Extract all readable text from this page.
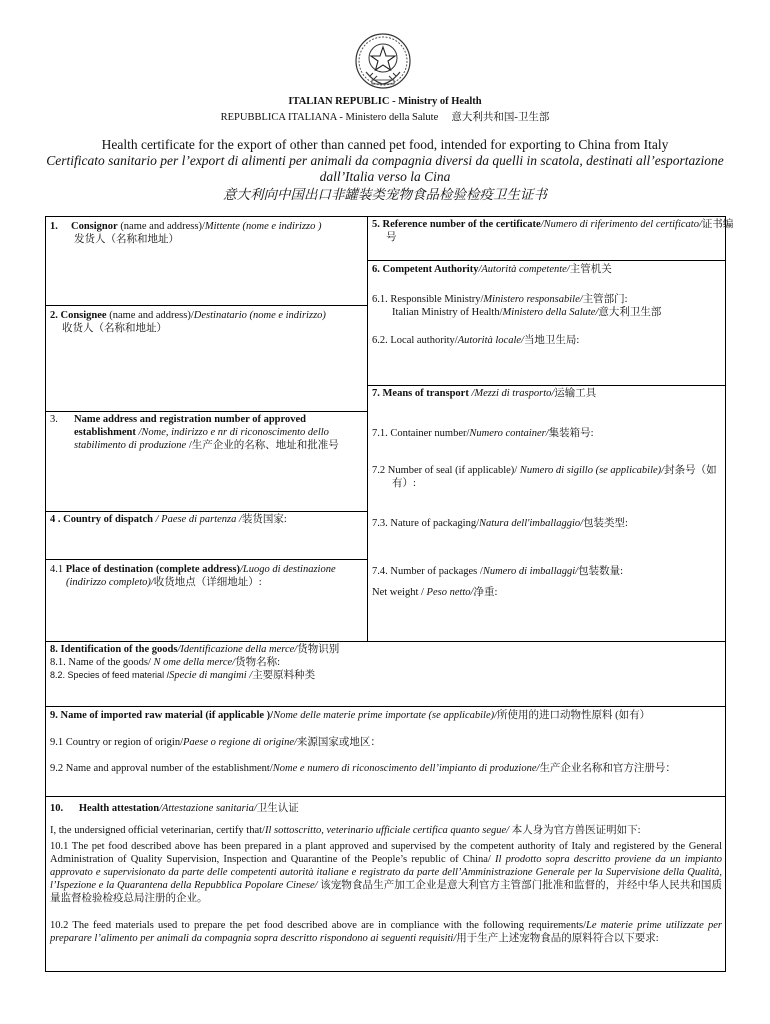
ITALIAN REPUBLIC - Ministry of Health
REPUBBLICA ITALIANA - Ministero della Salute     意大利共和国-卫生部
Health certificate for the export of other than canned pet food, intended for exporting to China from Italy
Certificato sanitario per l’export di alimenti per animali da compagnia diversi da quelli in scatola, destinati all’esportazione dall’Italia verso la Cina
意大利向中国出口非罐装类宠物食品检验检疫卫生证书
1. Consignor (name and address)/Mittente (nome e indirizzo )
发货人（名称和地址）
2. Consignee (name and address)/Destinatario (nome e indirizzo)
收货人（名称和地址）
3.	Name address and registration number of approved establishment /Nome, indirizzo e nr di riconoscimento dello stabilimento di produzione /生产企业的名称、地址和批准号
4 . Country of dispatch / Paese di partenza /装货国家:
4.1 Place of destination (complete address)/Luogo di destinazione (indirizzo completo)/收货地点（详细地址）:
5. Reference number of the certificate/Numero di riferimento del certificato/证书编号
6. Competent Authority/Autorità competente/主管机关
6.1. Responsible Ministry/Ministero responsabile/主管部门:
Italian Ministry of Health/Ministero della Salute/意大利卫生部
6.2. Local authority/Autorità locale/当地卫生局:
7. Means of transport /Mezzi di trasporto/运输工具
7.1. Container number/Numero container/集装箱号:
7.2 Number of seal (if applicable)/ Numero di sigillo (se applicabile)/封条号（如有）:
7.3. Nature of packaging/Natura dell'imballaggio/包装类型:
7.4. Number of packages /Numero di imballaggi/包装数量:
Net weight / Peso netto/净重:
8. Identification of the goods/Identificazione della merce/货物识别
8.1. Name of the goods/ N ome della merce/货物名称:
8.2. Species of feed material /Specie di mangimi /主要原料种类
9. Name of imported raw material (if applicable )/Nome delle materie prime importate (se applicabile)/所使用的进口动物性原料 (如有）
9.1 Country or region of origin/Paese o regione di origine/来源国家或地区：
9.2 Name and approval number of the establishment/Nome e numero di riconoscimento dell’impianto di produzione/生产企业名称和官方注册号：
10.      Health attestation/Attestazione sanitaria/卫生认证
I, the undersigned official veterinarian, certify that/Il sottoscritto, veterinario ufficiale certifica quanto segue/ 本人身为官方兽医证明如下:
10.1 The pet food described above has been prepared in a plant approved and supervised by the competent authority of Italy and registered by the General Administration of Quality Supervision, Inspection and Quarantine of the People’s republic of China/ Il prodotto sopra descritto proviene da un impianto approvato e supervisionato da parte delle competenti autorità italiane e registrato da parte dell’Amministrazione Generale per la Supervisione della Qualità, l’Ispezione e la Quarantena della Repubblica Popolare Cinese/ 该宠物食品生产加工企业是意大利官方主管部门批准和监督的，并经中华人民共和国质量监督检验检疫总局注册的企业。
10.2 The feed materials used to prepare the pet food described above are in compliance with the following requirements/Le materie prime utilizzate per preparare l’alimento per animali da compagnia sopra descritto rispondono ai seguenti requisiti/用于生产上述宠物食品的原料符合以下要求:
